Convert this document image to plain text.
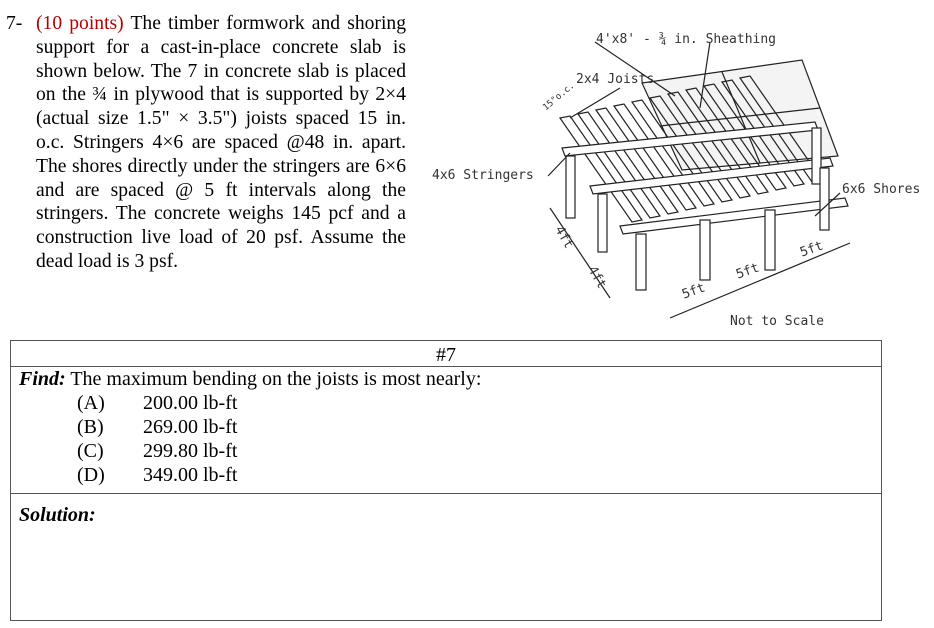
7- (10 points) The timber formwork and shoring support for a cast-in-place concrete slab is shown below. The 7 in concrete slab is placed on the ¾ in plywood that is supported by 2×4 (actual size 1.5" × 3.5") joists spaced 15 in. o.c. Stringers 4×6 are spaced @48 in. apart. The shores directly under the stringers are 6×6 and are spaced @ 5 ft intervals along the stringers. The concrete weighs 145 pcf and a construction live load of 20 psf. Assume the dead load is 3 psf.
4'x8' - ¾ in. Sheathing
2x4 Joists
15"o.c.
4x6 Stringers
6x6 Shores
4ft
4ft
5ft
5ft
5ft
Not to Scale
#7

Find: The maximum bending on the joists is most nearly:
(A)	200.00 lb-ft
(B)	269.00 lb-ft
(C)	299.80 lb-ft
(D)	349.00 lb-ft

Solution:
